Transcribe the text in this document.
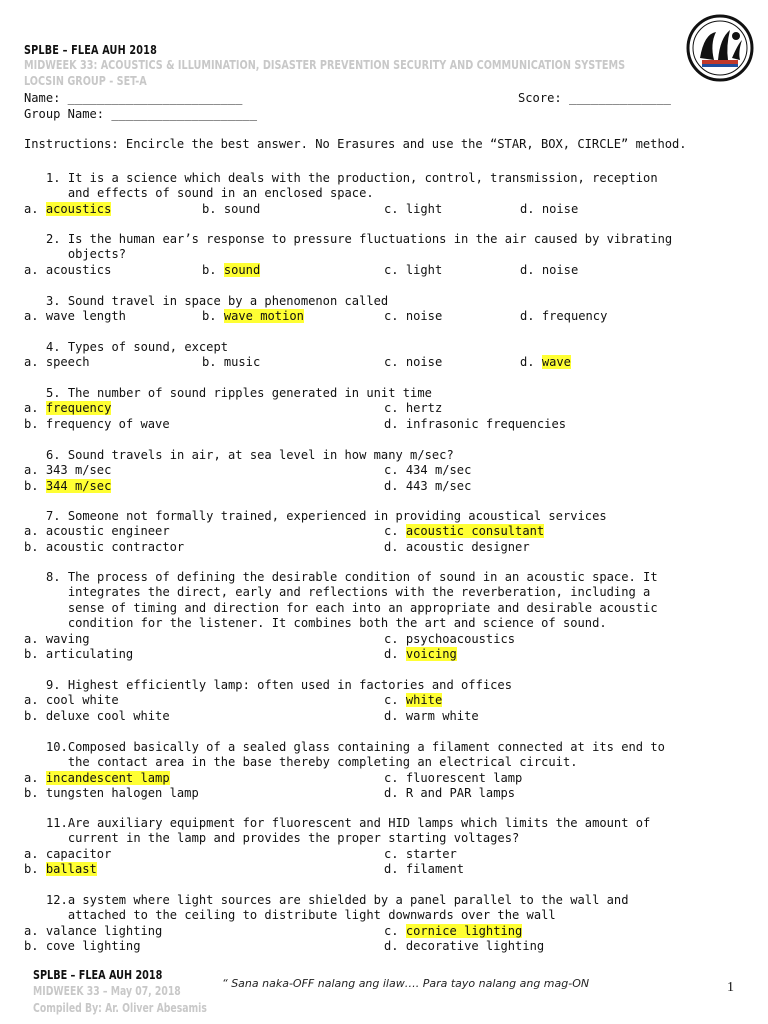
SPLBE – FLEA AUH 2018
MIDWEEK 33: ACOUSTICS & ILLUMINATION, DISASTER PREVENTION SECURITY AND COMMUNICATION SYSTEMS
LOCSIN GROUP - SET-A
Name: ________________________	Score: ______________
Group Name: ____________________
Instructions: Encircle the best answer. No Erasures and use the “STAR, BOX, CIRCLE” method.
1. It is a science which deals with the production, control, transmission, reception
and effects of sound in an enclosed space.
a. acoustics	b. sound	c. light	d. noise
2. Is the human ear’s response to pressure fluctuations in the air caused by vibrating
objects?
a. acoustics	b. sound	c. light	d. noise
3. Sound travel in space by a phenomenon called
a. wave length	b. wave motion	c. noise	d. frequency
4. Types of sound, except
a. speech	b. music	c. noise	d. wave
5. The number of sound ripples generated in unit time
a. frequency	c. hertz
b. frequency of wave	d. infrasonic frequencies
6. Sound travels in air, at sea level in how many m/sec?
a. 343 m/sec	c. 434 m/sec
b. 344 m/sec	d. 443 m/sec
7. Someone not formally trained, experienced in providing acoustical services
a. acoustic engineer	c. acoustic consultant
b. acoustic contractor	d. acoustic designer
8. The process of defining the desirable condition of sound in an acoustic space. It
integrates the direct, early and reflections with the reverberation, including a
sense of timing and direction for each into an appropriate and desirable acoustic
condition for the listener. It combines both the art and science of sound.
a. waving	c. psychoacoustics
b. articulating	d. voicing
9. Highest efficiently lamp: often used in factories and offices
a. cool white	c. white
b. deluxe cool white	d. warm white
10.Composed basically of a sealed glass containing a filament connected at its end to
the contact area in the base thereby completing an electrical circuit.
a. incandescent lamp	c. fluorescent lamp
b. tungsten halogen lamp	d. R and PAR lamps
11.Are auxiliary equipment for fluorescent and HID lamps which limits the amount of
current in the lamp and provides the proper starting voltages?
a. capacitor	c. starter
b. ballast	d. filament
12.a system where light sources are shielded by a panel parallel to the wall and
attached to the ceiling to distribute light downwards over the wall
a. valance lighting	c. cornice lighting
b. cove lighting	d. decorative lighting
SPLBE – FLEA AUH 2018
MIDWEEK 33 – May 07, 2018
Compiled By: Ar. Oliver Abesamis
“ Sana naka-OFF nalang ang ilaw…. Para tayo nalang ang mag-ON	1
